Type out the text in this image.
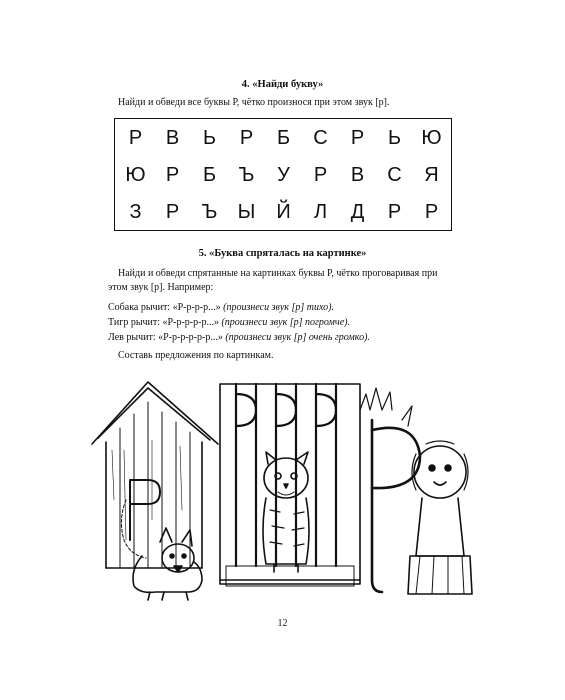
4. «Найди букву»
Найди и обведи все буквы Р, чётко произнося при этом звук [р].
Р	В	Ь	Р	Б	С	Р	Ь	Ю
Ю	Р	Б	Ъ	У	Р	В	С	Я
З	Р	Ъ	Ы	Й	Л	Д	Р	Р
5. «Буква спряталась на картинке»
Найди и обведи спрятанные на картинках буквы Р, чётко проговаривая при
этом звук [р]. Например:
Собака рычит: «Р-р-р-р...» (произнеси звук [р] тихо).
Тигр рычит: «Р-р-р-р-р...» (произнеси звук [р] погромче).
Лев рычит: «Р-р-р-р-р-р...» (произнеси звук [р] очень громко).
Составь предложения по картинкам.
12
